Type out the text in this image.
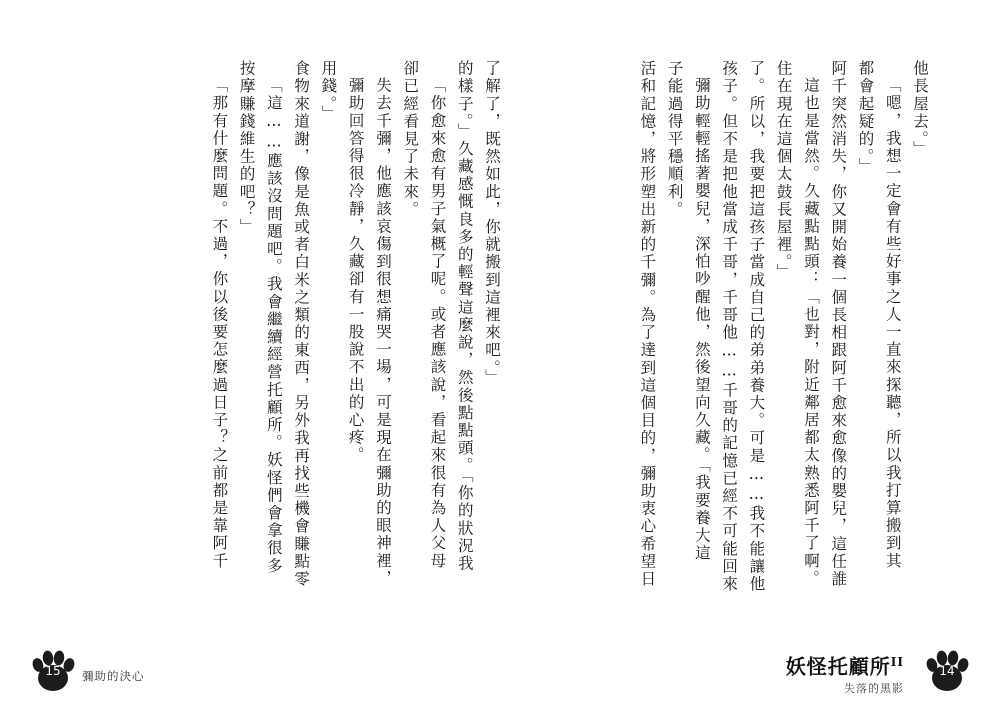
他長屋去。」
「嗯，我想一定會有些好事之人一直來探聽，所以我打算搬到其
都會起疑的。」
阿千突然消失，你又開始養一個長相跟阿千愈來愈像的嬰兒，這任誰
這也是當然。久藏點點頭：「也對，附近鄰居都太熟悉阿千了啊。
住在現在這個太鼓長屋裡。」
了。所以，我要把這孩子當成自己的弟弟養大。可是……我不能讓他
孩子。但不是把他當成千哥，千哥他……千哥的記憶已經不可能回來
彌助輕輕搖著嬰兒，深怕吵醒他，然後望向久藏。「我要養大這
子能過得平穩順利。
活和記憶，將形塑出新的千彌。為了達到這個目的，彌助衷心希望日
了解了，既然如此，你就搬到這裡來吧。」
的樣子。」久藏感慨良多的輕聲這麼說，然後點點頭。「你的狀況我
「你愈來愈有男子氣概了呢。或者應該說，看起來很有為人父母
卻已經看見了未來。
失去千彌，他應該哀傷到很想痛哭一場，可是現在彌助的眼神裡，
彌助回答得很冷靜，久藏卻有一股說不出的心疼。
用錢。」
食物來道謝，像是魚或者白米之類的東西，另外我再找些機會賺點零
「這……應該沒問題吧。我會繼續經營托顧所。妖怪們會拿很多
按摩賺錢維生的吧？」
「那有什麼問題。不過，你以後要怎麼過日子？之前都是靠阿千
15	彌助的決心	妖怪托顧所$^{II}$
失落的黑影
14
